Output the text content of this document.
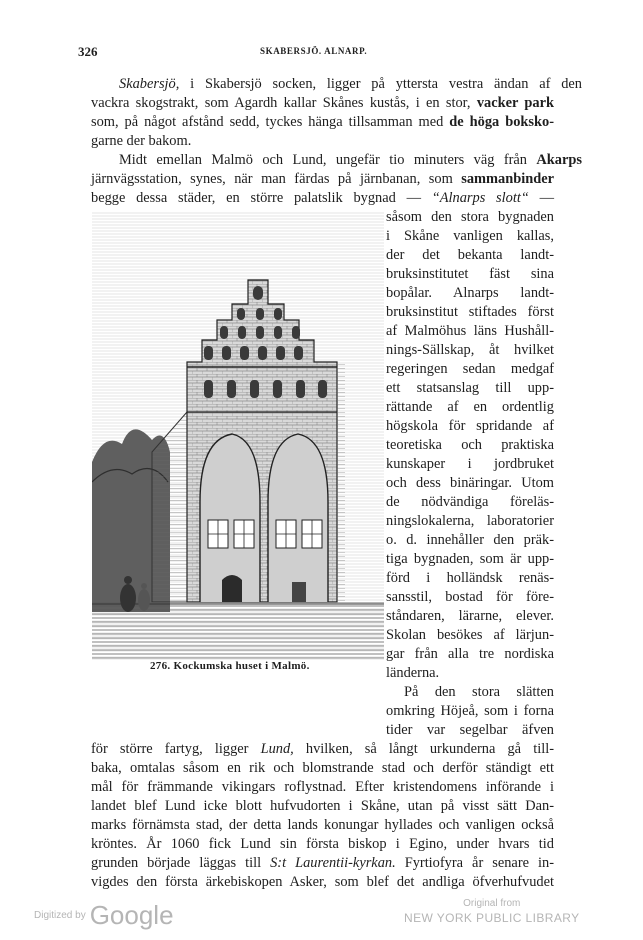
326	SKABERSJÖ. ALNARP.
Skabersjö, i Skabersjö socken, ligger på yttersta vestra ändan af den
vackra skogstrakt, som Agardh kallar Skånes kustås, i en stor, vacker park
som, på något afstånd sedd, tyckes hänga tillsamman med de höga boksko-
garne der bakom.
Midt emellan Malmö och Lund, ungefär tio minuters väg från Akarps
järnvägsstation, synes, när man färdas på järnbanan, som sammanbinder
begge dessa städer, en större palatslik bygnad — “Alnarps slott“ —
276. Kockumska huset i Malmö.
såsom den stora bygnaden
i Skåne vanligen kallas,
der det bekanta landt-
bruksinstitutet fäst sina
bopålar. Alnarps landt-
bruksinstitut stiftades först
af Malmöhus läns Hushåll-
nings-Sällskap, åt hvilket
regeringen sedan medgaf
ett statsanslag till upp-
rättande af en ordentlig
högskola för spridande af
teoretiska och praktiska
kunskaper i jordbruket
och dess binäringar. Utom
de nödvändiga föreläs-
ningslokalerna, laboratorier
o. d. innehåller den präk-
tiga bygnaden, som är upp-
förd i holländsk renäs-
sansstil, bostad för före-
ståndaren, lärarne, elever.
Skolan besökes af lärjun-
gar från alla tre nordiska
länderna.
På den stora slätten
omkring Höjeå, som i forna
tider var segelbar äfven
för större fartyg, ligger Lund, hvilken, så långt urkunderna gå till-
baka, omtalas såsom en rik och blomstrande stad och derför ständigt ett
mål för främmande vikingars roflystnad. Efter kristendomens införande i
landet blef Lund icke blott hufvudorten i Skåne, utan på visst sätt Dan-
marks förnämsta stad, der detta lands konungar hyllades och vanligen också
kröntes. År 1060 fick Lund sin första biskop i Egino, under hvars tid
grunden började läggas till S:t Laurentii-kyrkan. Fyrtiofyra år senare in-
vigdes den första ärkebiskopen Asker, som blef det andliga öfverhufvudet
Digitized by Google	Original from
NEW YORK PUBLIC LIBRARY
